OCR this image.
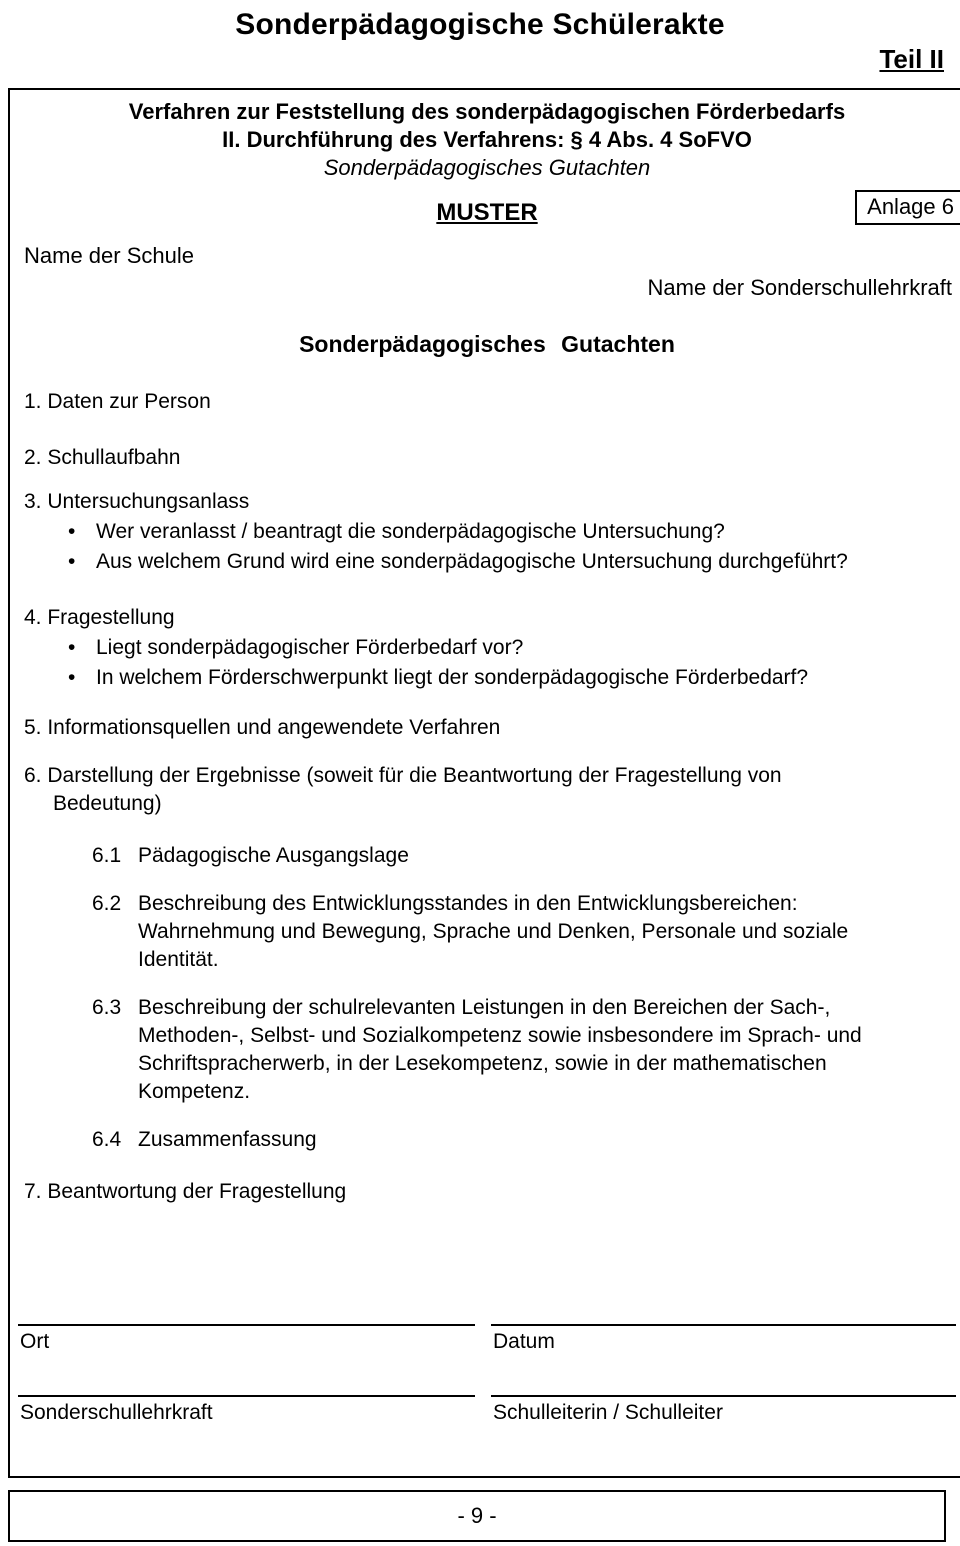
Sonderpädagogische Schülerakte
Teil II
Anlage 6
Verfahren zur Feststellung des sonderpädagogischen Förderbedarfs
II. Durchführung des Verfahrens: § 4 Abs. 4 SoFVO
Sonderpädagogisches Gutachten
MUSTER
Name der Schule
Name der Sonderschullehrkraft
Sonderpädagogisches Gutachten
1. Daten zur Person
2. Schullaufbahn
3. Untersuchungsanlass
•
Wer veranlasst / beantragt die sonderpädagogische Untersuchung?
•
Aus welchem Grund wird eine sonderpädagogische Untersuchung durchgeführt?
4. Fragestellung
•
Liegt sonderpädagogischer Förderbedarf vor?
•
In welchem Förderschwerpunkt liegt der sonderpädagogische Förderbedarf?
5. Informationsquellen und angewendete Verfahren
6. Darstellung der Ergebnisse (soweit für die Beantwortung der Fragestellung von Bedeutung)
6.1 Pädagogische Ausgangslage
6.2 Beschreibung des Entwicklungsstandes in den Entwicklungsbereichen: Wahrnehmung und Bewegung, Sprache und Denken, Personale und soziale Identität.
6.3 Beschreibung der schulrelevanten Leistungen in den Bereichen der Sach-, Methoden-, Selbst- und Sozialkompetenz sowie insbesondere im Sprach- und Schriftspracherwerb, in der Lesekompetenz, sowie in der mathematischen Kompetenz.
6.4 Zusammenfassung
7. Beantwortung der Fragestellung
Ort	Datum
Sonderschullehrkraft	Schulleiterin / Schulleiter
- 9 -
